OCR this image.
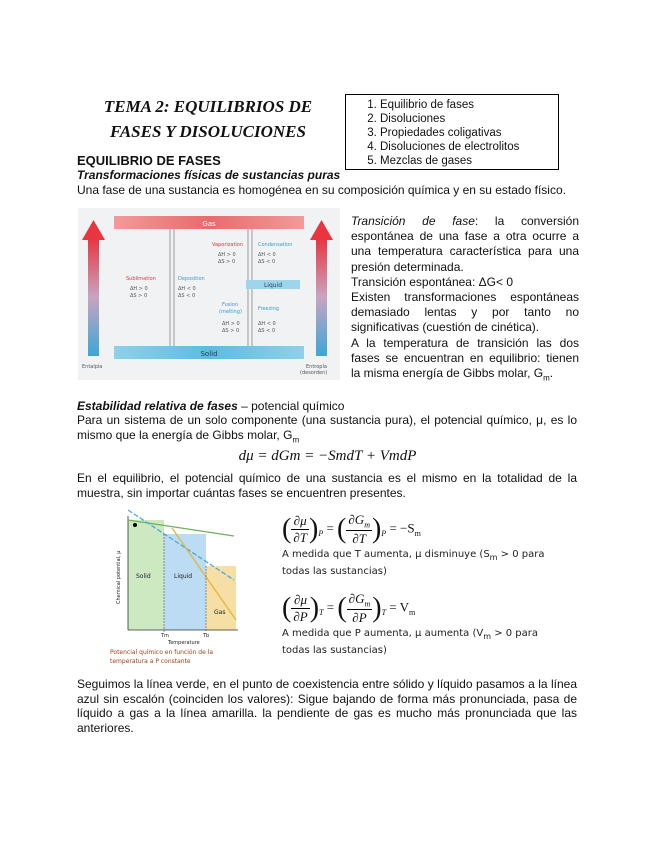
TEMA 2: EQUILIBRIOS DE
FASES Y DISOLUCIONES
1. Equilibrio de fases
2. Disoluciones
3. Propiedades coligativas
4. Disoluciones de electrolitos
5. Mezclas de gases
EQUILIBRIO DE FASES
Transformaciones físicas de sustancias puras
Una fase de una sustancia es homogénea en su composición química y en su estado físico.
Gas
Solid
Liquid
Sublimation
ΔH > 0
ΔS > 0
Deposition
ΔH < 0
ΔS < 0
Vaporization
ΔH > 0
ΔS > 0
Condensation
ΔH < 0
ΔS < 0
Fusion
(melting)
ΔH > 0
ΔS > 0
Freezing
ΔH < 0
ΔS < 0
Entalpía	Entropía
(desorden)

Transición de fase: la conversión espontánea de una fase a otra ocurre a una temperatura característica para una presión determinada.

Transición espontánea: ΔG< 0

Existen transformaciones espontáneas demasiado lentas y por tanto no significativas (cuestión de cinética).

A la temperatura de transición las dos fases se encuentran en equilibrio: tienen la misma energía de Gibbs molar, $G_m$.

Estabilidad relativa de fases – potencial químico
Para un sistema de un solo componente (una sustancia pura), el potencial químico, μ, es lo mismo que la energía de Gibbs molar, $G_m$
dμ = dGm = −SmdT + VmdP
En el equilibrio, el potencial químico de una sustancia es el mismo en la totalidad de la muestra, sin importar cuántas fases se encuentren presentes.
Solid	Liquid
Gas
Tm	Tb
Temperature
Chemical potential, μ
Potencial químico en función de la
temperatura a P constante
( $\frac{\partial\mu}{\partial T} )_P$ = ( $\frac{\partial G_m}{\partial T} )_P = -S_m$
A medida que T aumenta, μ disminuye ($S_m > 0$ para
todas las sustancias)
( $\frac{\partial\mu}{\partial P} )_T$ = ( $\frac{\partial G_m}{\partial P} )_T = V_m$
A medida que P aumenta, μ aumenta ($V_m > 0$ para
todas las sustancias)
Seguimos la línea verde, en el punto de coexistencia entre sólido y líquido pasamos a la línea azul sin escalón (coinciden los valores): Sigue bajando de forma más pronunciada, pasa de líquido a gas a la línea amarilla. la pendiente de gas es mucho más pronunciada que las anteriores.
